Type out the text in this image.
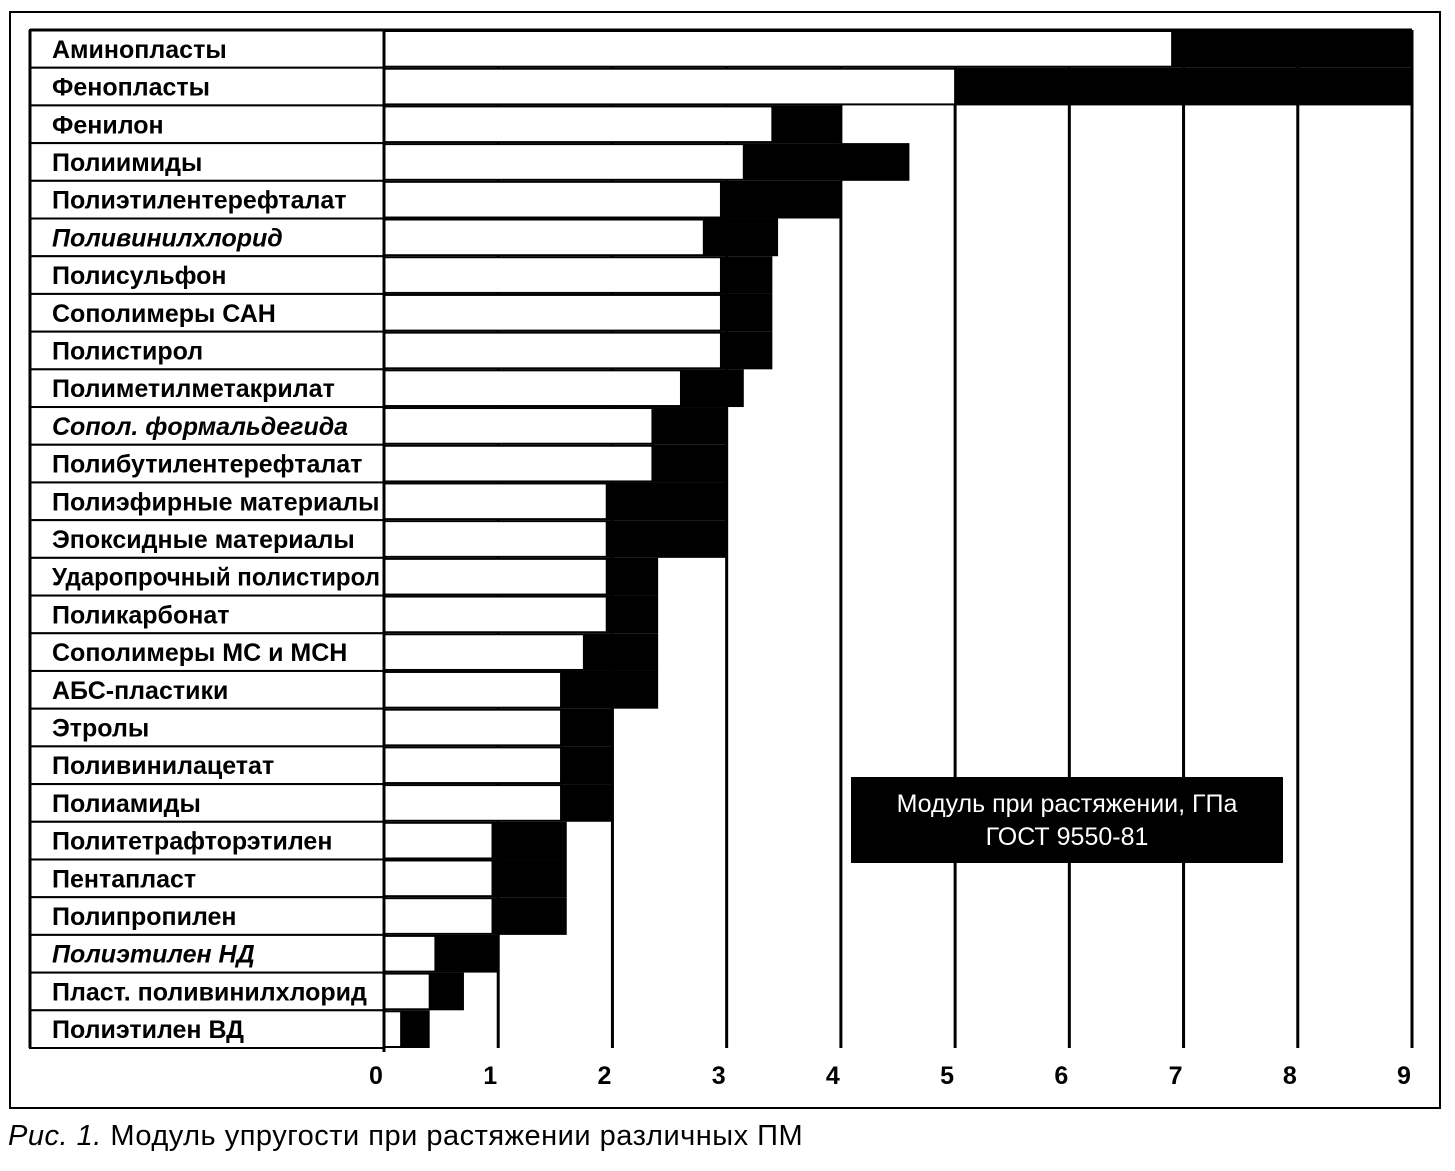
Аминопласты
Фенопласты
Фенилон
Полиимиды
Полиэтилентерефталат
Поливинилхлорид
Полисульфон
Сополимеры САН
Полистирол
Полиметилметакрилат
Сопол. формальдегида
Полибутилентерефталат
Полиэфирные материалы
Эпоксидные материалы
Ударопрочный полистирол
Поликарбонат
Сополимеры МС и МСН
АБС-пластики
Этролы
Поливинилацетат
Полиамиды
Политетрафторэтилен
Пентапласт
Полипропилен
Полиэтилен НД
Пласт. поливинилхлорид
Полиэтилен ВД
0	1	2	3	4	5	6	7	8	9
Модуль при растяжении, ГПа
ГОСТ 9550-81
Рис. 1. Модуль упругости при растяжении различных ПМ
